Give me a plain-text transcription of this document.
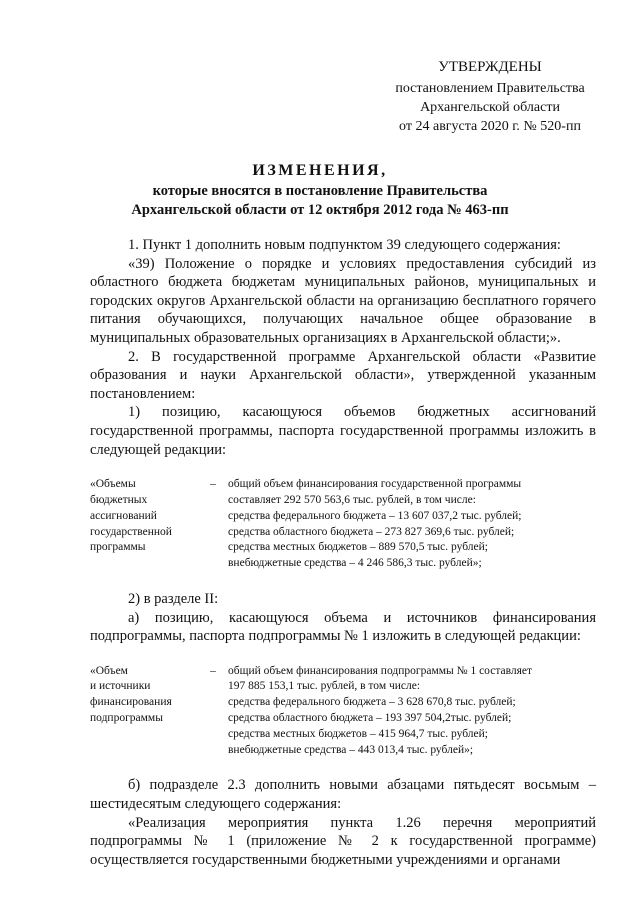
УТВЕРЖДЕНЫ
постановлением Правительства
Архангельской области
от 24 августа 2020 г. № 520-пп
ИЗМЕНЕНИЯ,
которые вносятся в постановление Правительства
Архангельской области от 12 октября 2012 года № 463-пп

1. Пункт 1 дополнить новым подпунктом 39 следующего содержания:

«39) Положение о порядке и условиях предоставления субсидий из областного бюджета бюджетам муниципальных районов, муниципальных и городских округов Архангельской области на организацию бесплатного горячего питания обучающихся, получающих начальное общее образование в муниципальных образовательных организациях в Архангельской области;».

2. В государственной программе Архангельской области «Развитие образования и науки Архангельской области», утвержденной указанным постановлением:

1) позицию, касающуюся объемов бюджетных ассигнований государственной программы, паспорта государственной программы изложить в следующей редакции:

«Объемы
бюджетных
ассигнований
государственной
программы
–	общий объем финансирования государственной программы
составляет 292 570 563,6 тыс. рублей, в том числе:
средства федерального бюджета – 13 607 037,2 тыс. рублей;
средства областного бюджета – 273 827 369,6 тыс. рублей;
средства местных бюджетов – 889 570,5 тыс. рублей;
внебюджетные средства – 4 246 586,3 тыс. рублей»;

2) в разделе II:

а) позицию, касающуюся объема и источников финансирования подпрограммы, паспорта подпрограммы № 1 изложить в следующей редакции:

«Объем
и источники
финансирования
подпрограммы
–	общий объем финансирования подпрограммы № 1 составляет
197 885 153,1 тыс. рублей, в том числе:
средства федерального бюджета – 3 628 670,8 тыс. рублей;
средства областного бюджета – 193 397 504,2тыс. рублей;
средства местных бюджетов – 415 964,7 тыс. рублей;
внебюджетные средства – 443 013,4 тыс. рублей»;

б) подразделе 2.3 дополнить новыми абзацами пятьдесят восьмым – шестидесятым следующего содержания:

«Реализация мероприятия пункта 1.26 перечня мероприятий подпрограммы № 1 (приложение № 2 к государственной программе) осуществляется государственными бюджетными учреждениями и органами
